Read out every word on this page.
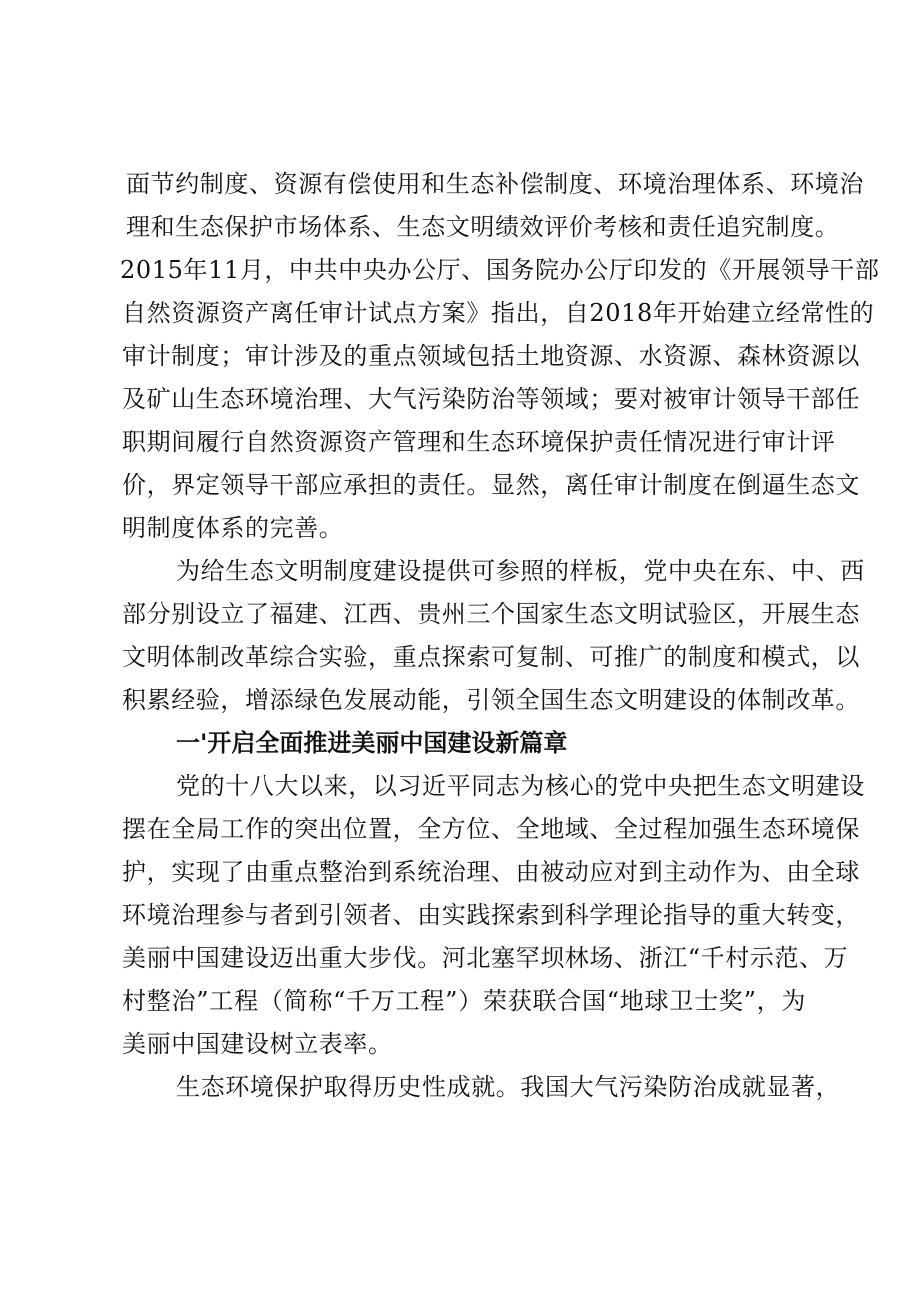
面节约制度、资源有偿使用和生态补偿制度、环境治理体系、环境治
理和生态保护市场体系、生态文明绩效评价考核和责任追究制度。
2015年11月，中共中央办公厅、国务院办公厅印发的《开展领导干部
自然资源资产离任审计试点方案》指出，自2018年开始建立经常性的
审计制度；审计涉及的重点领域包括土地资源、水资源、森林资源以
及矿山生态环境治理、大气污染防治等领域；要对被审计领导干部任
职期间履行自然资源资产管理和生态环境保护责任情况进行审计评
价，界定领导干部应承担的责任。显然，离任审计制度在倒逼生态文
明制度体系的完善。
为给生态文明制度建设提供可参照的样板，党中央在东、中、西
部分别设立了福建、江西、贵州三个国家生态文明试验区，开展生态
文明体制改革综合实验，重点探索可复制、可推广的制度和模式，以
积累经验，增添绿色发展动能，引领全国生态文明建设的体制改革。
一'开启全面推进美丽中国建设新篇章
党的十八大以来，以习近平同志为核心的党中央把生态文明建设
摆在全局工作的突出位置，全方位、全地域、全过程加强生态环境保
护，实现了由重点整治到系统治理、由被动应对到主动作为、由全球
环境治理参与者到引领者、由实践探索到科学理论指导的重大转变，
美丽中国建设迈出重大步伐。河北塞罕坝林场、浙江“千村示范、万
村整治”工程（简称“千万工程”）荣获联合国“地球卫士奖”，为
美丽中国建设树立表率。
生态环境保护取得历史性成就。我国大气污染防治成就显著，
